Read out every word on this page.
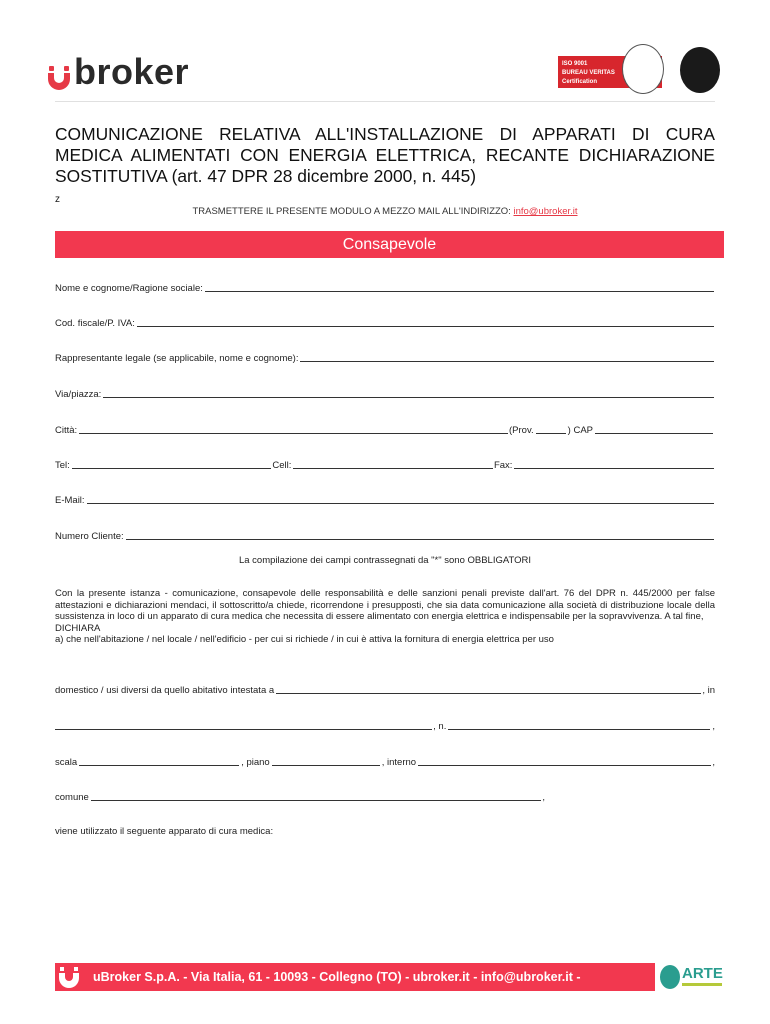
broker	ISO 9001
BUREAU VERITAS
Certification
COMUNICAZIONE RELATIVA ALL'INSTALLAZIONE DI APPARATI DI CURA MEDICA ALIMENTATI CON ENERGIA ELETTRICA, RECANTE DICHIARAZIONE SOSTITUTIVA (art. 47 DPR 28 dicembre 2000, n. 445)
z
TRASMETTERE IL PRESENTE MODULO A MEZZO MAIL ALL'INDIRIZZO: info@ubroker.it
Consapevole
Nome e cognome/Ragione sociale:
Cod. fiscale/P. IVA:
Rappresentante legale (se applicabile, nome e cognome):
Via/piazza:
Città:	(Prov.	) CAP
Tel:	Cell:	Fax:
E-Mail:
Numero Cliente:
La compilazione dei campi contrassegnati da "*" sono OBBLIGATORI

Con la presente istanza - comunicazione, consapevole delle responsabilità e delle sanzioni penali previste dall'art. 76 del DPR n. 445/2000 per false attestazioni e dichiarazioni mendaci, il sottoscritto/a chiede, ricorrendone i presupposti, che sia data comunicazione alla società di distribuzione locale della sussistenza in loco di un apparato di cura medica che necessita di essere alimentato con energia elettrica e indispensabile per la sopravvivenza. A tal fine,

DICHIARA

a) che nell'abitazione / nel locale / nell'edificio - per cui si richiede / in cui è attiva la fornitura di energia elettrica per uso

domestico / usi diversi da quello abitativo intestata a	, in
, n.	,
scala	, piano	, interno	,
comune	,
viene utilizzato il seguente apparato di cura medica:
uBroker S.p.A. - Via Italia, 61 - 10093 - Collegno (TO) - ubroker.it - info@ubroker.it - ubroker@pec.it
ARTE
